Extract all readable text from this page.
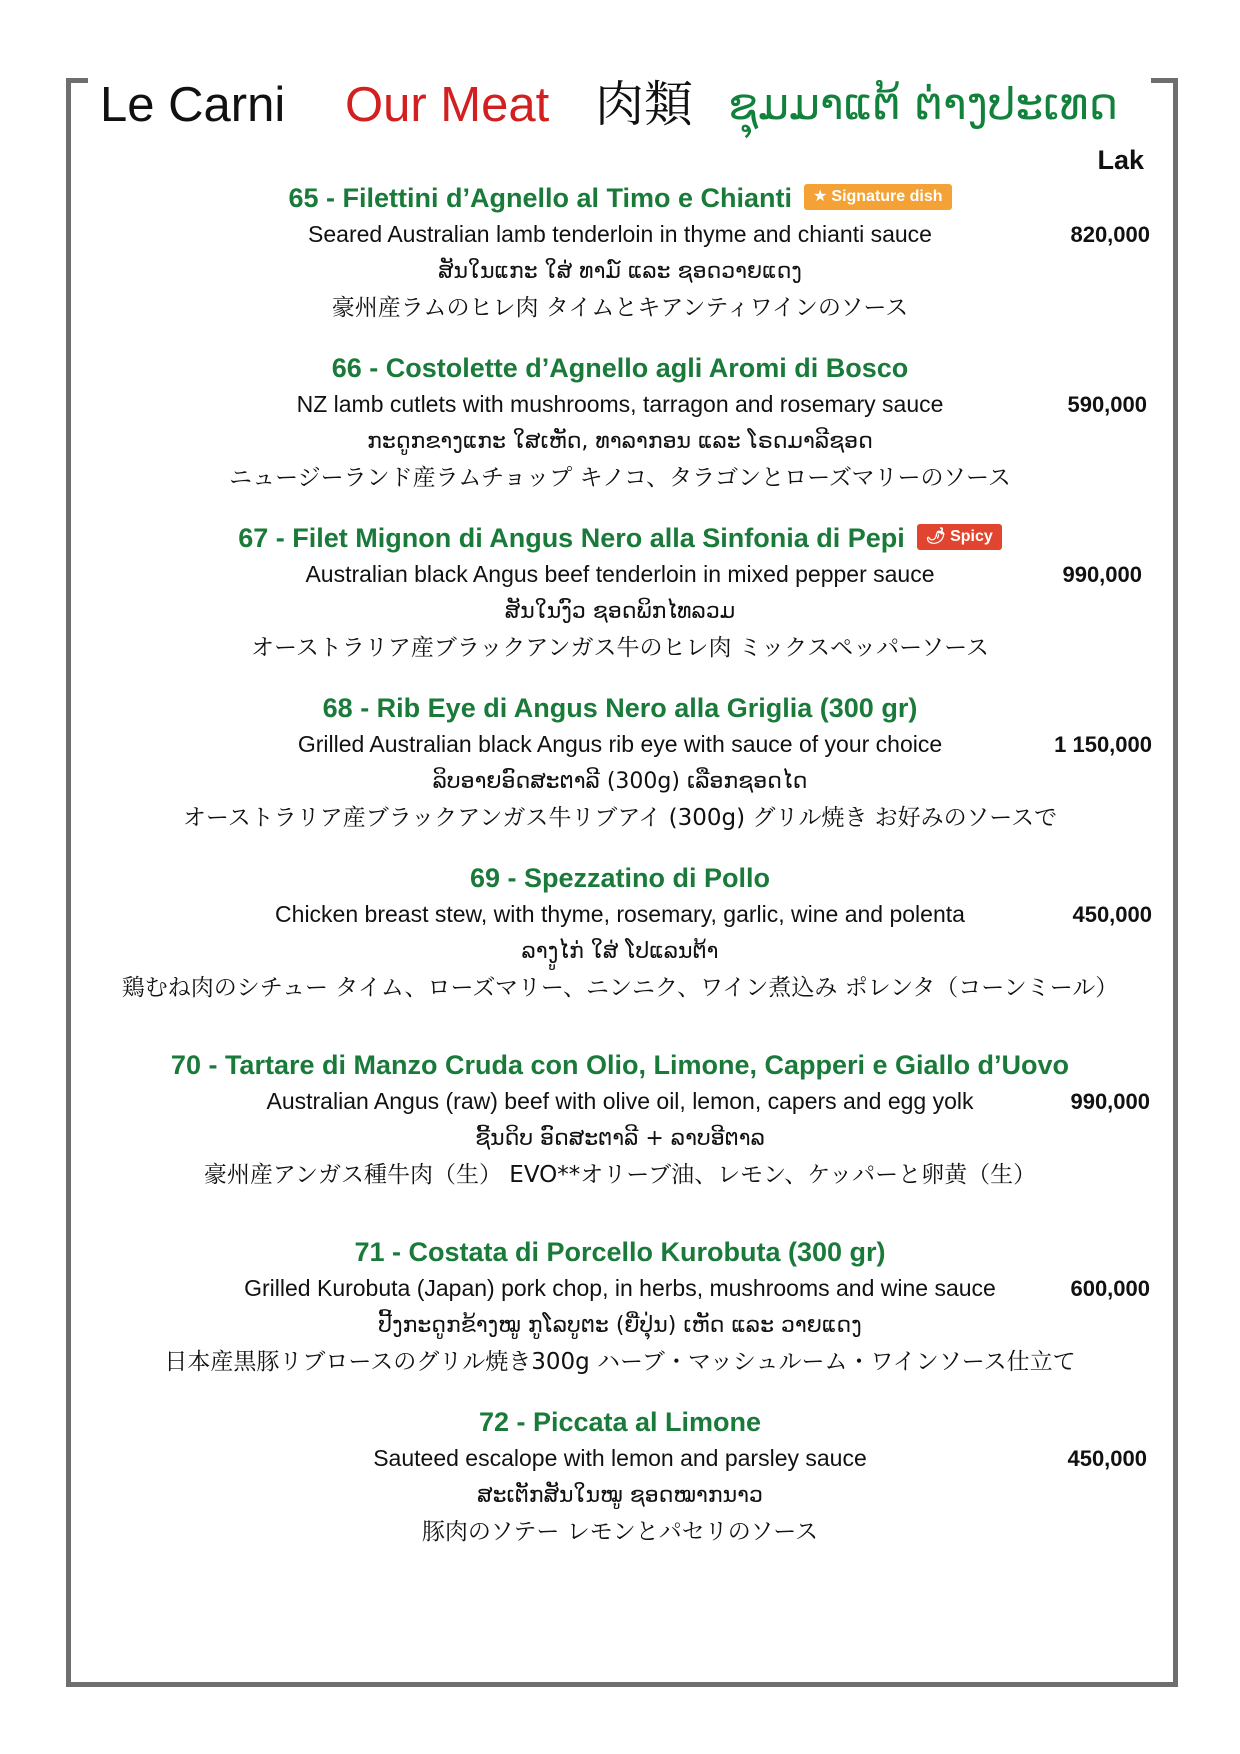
Le Carni Our Meat 肉類 ຊຸມມາແຕ້ ຕ່າງປະເທດ
Lak
65 - Filettini d’Agnello al Timo e Chianti ★ Signature dish
Seared Australian lamb tenderloin in thyme and chianti sauce	820,000
ສັນໃນແກະ ໃສ່ ທາມ໌ ແລະ ຊອດວາຍແດງ
豪州産ラムのヒレ肉 タイムとキアンティワインのソース
66 - Costolette d’Agnello agli Aromi di Bosco
NZ lamb cutlets with mushrooms, tarragon and rosemary sauce	590,000
ກະດູກຂາງແກະ ໃສເຫັດ, ທາລາກອນ ແລະ ໂຣດມາລີຊອດ
ニュージーランド産ラムチョップ キノコ、タラゴンとローズマリーのソース
67 - Filet Mignon di Angus Nero alla Sinfonia di Pepi 🌶 Spicy
Australian black Angus beef tenderloin in mixed pepper sauce	990,000
ສັນໃນງົວ ຊອດພິກໄທລວມ
オーストラリア産ブラックアンガス牛のヒレ肉 ミックスペッパーソース
68 - Rib Eye di Angus Nero alla Griglia (300 gr)
Grilled Australian black Angus rib eye with sauce of your choice	1 150,000
ລິບອາຍອົດສະຕາລີ (300g) ເລືອກຊອດໄດ
オーストラリア産ブラックアンガス牛リブアイ (300g) グリル焼き お好みのソースで
69 - Spezzatino di Pollo
Chicken breast stew, with thyme, rosemary, garlic, wine and polenta	450,000
ລາງູໄກ່ ໃສ່ ໂປແລນຕ້າ
鶏むね肉のシチュー タイム、ローズマリー、ニンニク、ワイン煮込み ポレンタ（コーンミール）
70 - Tartare di Manzo Cruda con Olio, Limone, Capperi e Giallo d’Uovo
Australian Angus (raw) beef with olive oil, lemon, capers and egg yolk	990,000
ຊີ້ນດິບ ອົດສະຕາລີ + ລາບອີຕາລ
豪州産アンガス種牛肉（生） EVO**オリーブ油、レモン、ケッパーと卵黄（生）
71 - Costata di Porcello Kurobuta (300 gr)
Grilled Kurobuta (Japan) pork chop, in herbs, mushrooms and wine sauce	600,000
ປີ້ງກະດູກຂ້າງໝູ ກູໂລບູຕະ (ຍີ່ປຸ່ນ) ເຫັດ ແລະ ວາຍແດງ
日本産黒豚リブロースのグリル焼き300g ハーブ・マッシュルーム・ワインソース仕立て
72 - Piccata al Limone
Sauteed escalope with lemon and parsley sauce	450,000
ສະເຕັກສັນໃນໝູ ຊອດໝາກນາວ
豚肉のソテー レモンとパセリのソース
